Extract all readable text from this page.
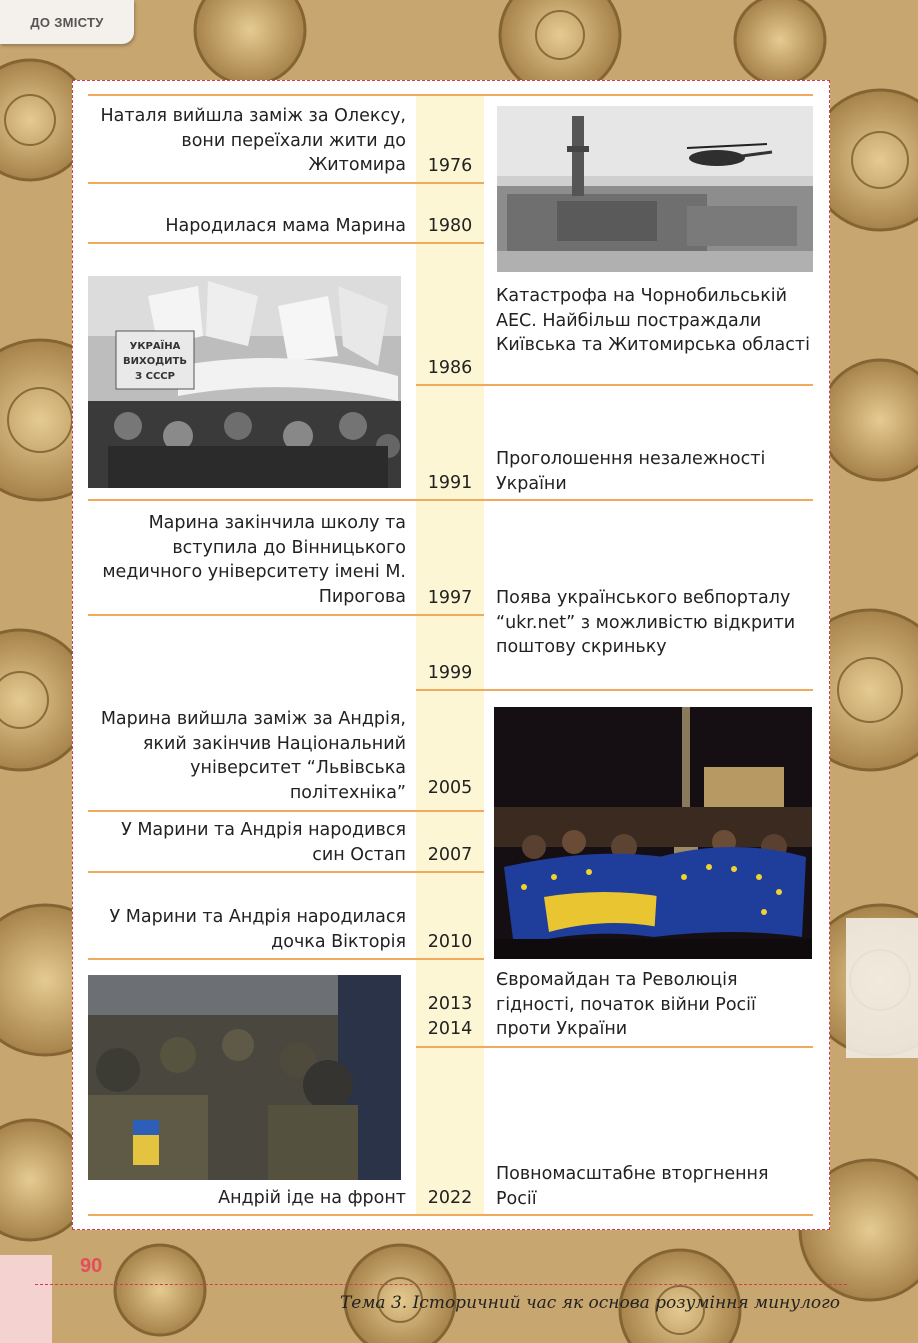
ДО ЗМІСТУ
Наталя вийшла заміж за Олексу, вони переїхали жити до Житомира
Народилася мама Марина
Марина закінчила школу та вступила до Вінницького медичного університету імені М. Пирогова
Марина вийшла заміж за Андрія, який закінчив Національний університет “Львівська політехніка”
У Марини та Андрія народився син Остап
У Марини та Андрія народилася дочка Вікторія
Андрій іде на фронт
Катастрофа на Чорнобильській АЕС. Найбільш постраждали Київська та Житомирська області
Проголошення незалежності України
Поява українського вебпорталу “ukr.net” з можливістю відкрити поштову скриньку
Євромайдан та Революція гідності, початок війни Росії проти України
Повномасштабне вторгнення Росії
1976
1980
1986
1991
1997
1999
2005
2007
2010
2013
2014
2022
УКРАЇНА
ВИХОДИТЬ
З СССР
90
Тема 3. Історичний час як основа розуміння минулого
